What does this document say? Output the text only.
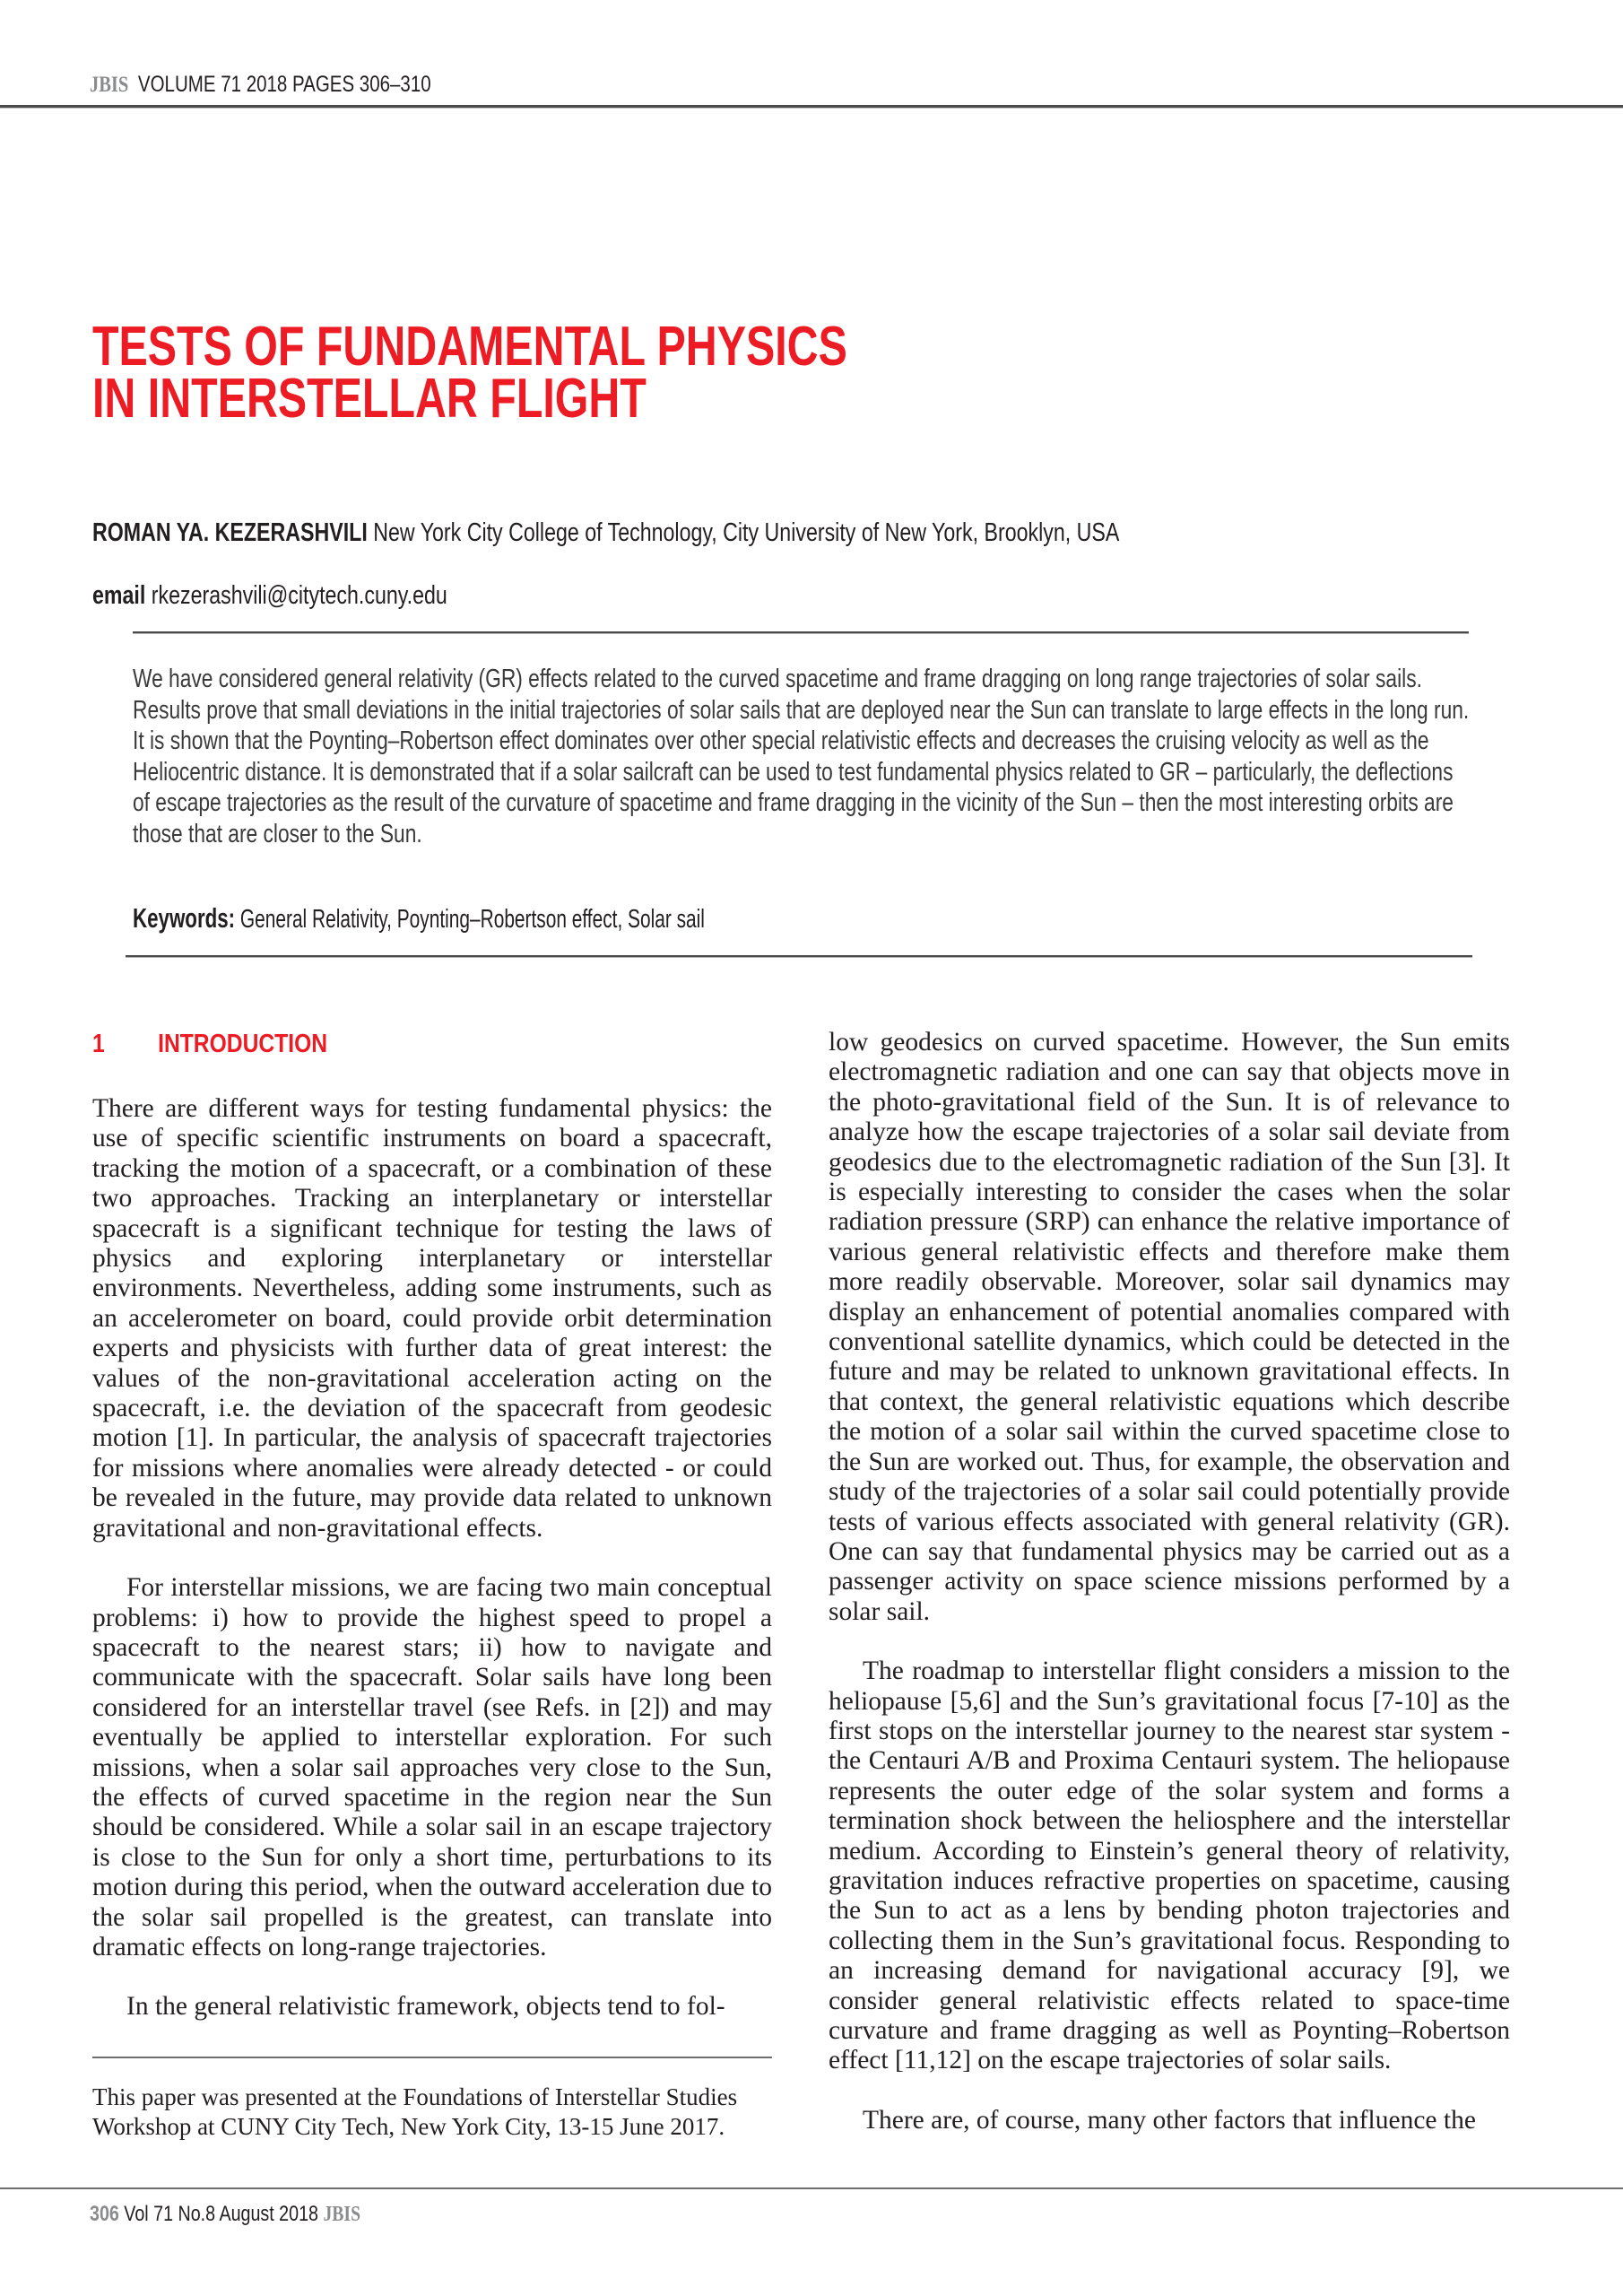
JBIS VOLUME 71 2018 PAGES 306–310
TESTS OF FUNDAMENTAL PHYSICS
IN INTERSTELLAR FLIGHT
ROMAN YA. KEZERASHVILI New York City College of Technology, City University of New York, Brooklyn, USA
email rkezerashvili@citytech.cuny.edu

We have considered general relativity (GR) effects related to the curved spacetime and frame dragging on long range trajectories of solar sails. Results prove that small deviations in the initial trajectories of solar sails that are deployed near the Sun can translate to large effects in the long run. It is shown that the Poynting–Robertson effect dominates over other special relativistic effects and decreases the cruising velocity as well as the Heliocentric distance. It is demonstrated that if a solar sailcraft can be used to test fundamental physics related to GR – particularly, the deflections of escape trajectories as the result of the curvature of spacetime and frame dragging in the vicinity of the Sun – then the most interesting orbits are those that are closer to the Sun.

Keywords: General Relativity, Poynting–Robertson effect, Solar sail
1 INTRODUCTION

There are different ways for testing fundamental physics: the use of specific scientific instruments on board a spacecraft, tracking the motion of a spacecraft, or a combination of these two approaches. Tracking an interplanetary or interstellar spacecraft is a significant technique for testing the laws of physics and exploring interplanetary or interstellar environments. Nevertheless, adding some instruments, such as an accelerometer on board, could provide orbit determination experts and physicists with further data of great interest: the values of the non-gravitational acceleration acting on the spacecraft, i.e. the deviation of the spacecraft from geodesic motion [1]. In particular, the analysis of spacecraft trajectories for missions where anomalies were already detected - or could be revealed in the future, may provide data related to unknown gravitational and non-gravitational effects.

For interstellar missions, we are facing two main conceptual problems: i) how to provide the highest speed to propel a spacecraft to the nearest stars; ii) how to navigate and communicate with the spacecraft. Solar sails have long been considered for an interstellar travel (see Refs. in [2]) and may eventually be applied to interstellar exploration. For such missions, when a solar sail approaches very close to the Sun, the effects of curved spacetime in the region near the Sun should be considered. While a solar sail in an escape trajectory is close to the Sun for only a short time, perturbations to its motion during this period, when the outward acceleration due to the solar sail propelled is the greatest, can translate into dramatic effects on long-range trajectories.

In the general relativistic framework, objects tend to fol-

This paper was presented at the Foundations of Interstellar Studies Workshop at CUNY City Tech, New York City, 13-15 June 2017.

low geodesics on curved spacetime. However, the Sun emits electromagnetic radiation and one can say that objects move in the photo-gravitational field of the Sun. It is of relevance to analyze how the escape trajectories of a solar sail deviate from geodesics due to the electromagnetic radiation of the Sun [3]. It is especially interesting to consider the cases when the solar radiation pressure (SRP) can enhance the relative importance of various general relativistic effects and therefore make them more readily observable. Moreover, solar sail dynamics may display an enhancement of potential anomalies compared with conventional satellite dynamics, which could be detected in the future and may be related to unknown gravitational effects. In that context, the general relativistic equations which describe the motion of a solar sail within the curved spacetime close to the Sun are worked out. Thus, for example, the observation and study of the trajectories of a solar sail could potentially provide tests of various effects associated with general relativity (GR). One can say that fundamental physics may be carried out as a passenger activity on space science missions performed by a solar sail.

The roadmap to interstellar flight considers a mission to the heliopause [5,6] and the Sun’s gravitational focus [7-10] as the first stops on the interstellar journey to the nearest star system - the Centauri A/B and Proxima Centauri system. The heliopause represents the outer edge of the solar system and forms a termination shock between the heliosphere and the interstellar medium. According to Einstein’s general theory of relativity, gravitation induces refractive properties on spacetime, causing the Sun to act as a lens by bending photon trajectories and collecting them in the Sun’s gravitational focus. Responding to an increasing demand for navigational accuracy [9], we consider general relativistic effects related to space-time curvature and frame dragging as well as Poynting–Robertson effect [11,12] on the escape trajectories of solar sails.

There are, of course, many other factors that influence the

306 Vol 71 No.8 August 2018 JBIS
